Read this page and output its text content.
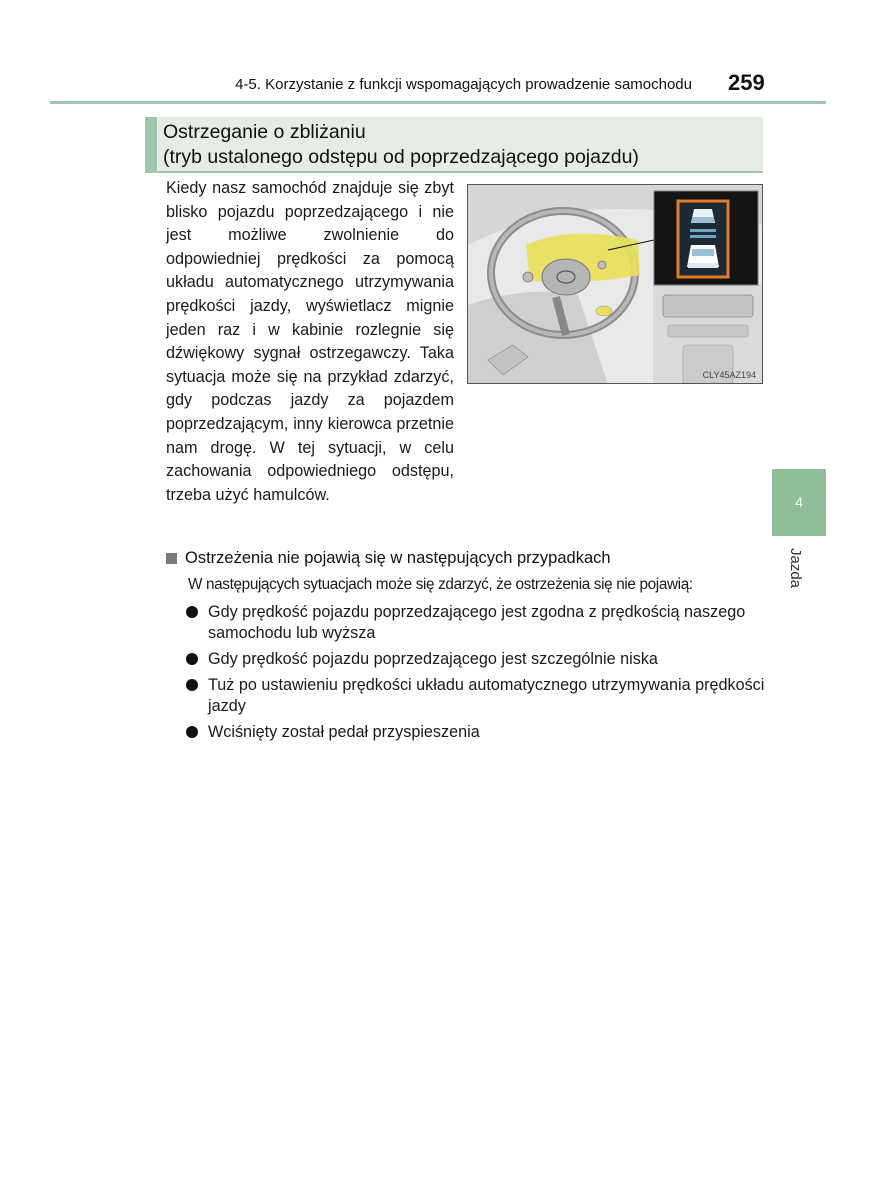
4-5. Korzystanie z funkcji wspomagających prowadzenie samochodu 259
Ostrzeganie o zbliżaniu
(tryb ustalonego odstępu od poprzedzającego pojazdu)
Kiedy nasz samochód znajduje się zbyt blisko pojazdu poprzedzającego i nie jest możliwe zwolnienie do odpowiedniej prędkości za pomocą układu automatycznego utrzymywania prędkości jazdy, wyświetlacz mignie jeden raz i w kabinie rozlegnie się dźwiękowy sygnał ostrzegawczy. Taka sytuacja może się na przykład zdarzyć, gdy podczas jazdy za pojazdem poprzedzającym, inny kierowca przetnie nam drogę. W tej sytuacji, w celu zachowania odpowiedniego odstępu, trzeba użyć hamulców.
CLY45AZ194
4
Jazda
Ostrzeżenia nie pojawią się w następujących przypadkach
W następujących sytuacjach może się zdarzyć, że ostrzeżenia się nie pojawią:
Gdy prędkość pojazdu poprzedzającego jest zgodna z prędkością naszego samochodu lub wyższa
Gdy prędkość pojazdu poprzedzającego jest szczególnie niska
Tuż po ustawieniu prędkości układu automatycznego utrzymywania prędkości jazdy
Wciśnięty został pedał przyspieszenia
